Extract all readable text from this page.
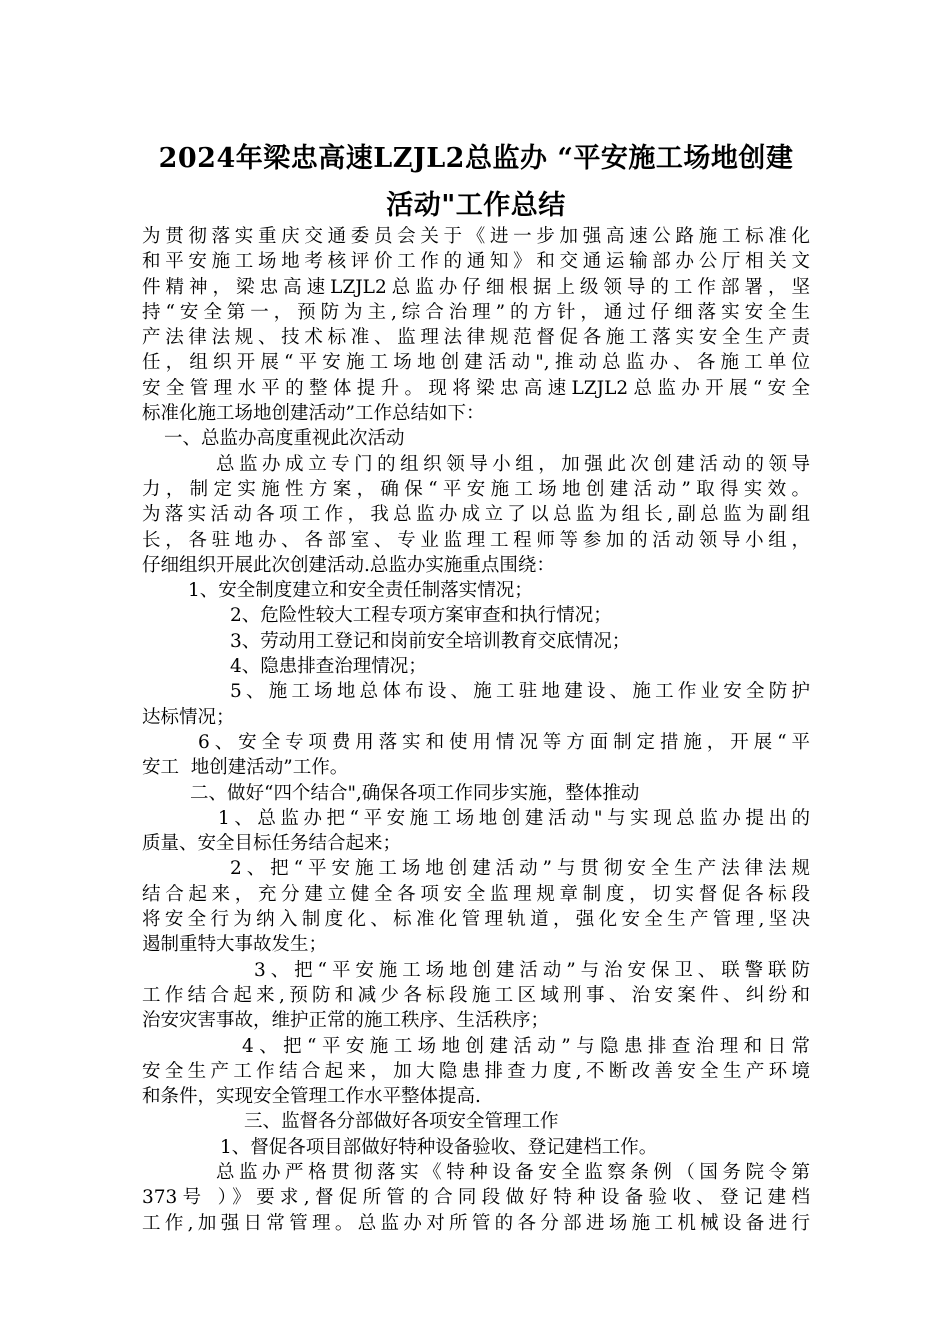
2024年梁忠高速LZJL2总监办 “平安施工场地创建
活动"工作总结
为贯彻落实重庆交通委员会关于《进一步加强高速公路施工标准化
和平安施工场地考核评价工作的通知》和交通运输部办公厅相关文
件精神，梁忠高速LZJL2总监办仔细根据上级领导的工作部署，坚
持“安全第一，预防为主,综合治理”的方针，通过仔细落实安全生
产法律法规、技术标准、监理法律规范督促各施工落实安全生产责
任，组织开展“平安施工场地创建活动",推动总监办、各施工单位
安全管理水平的整体提升。现将梁忠高速LZJL2总监办开展“安全
标准化施工场地创建活动”工作总结如下：
一、总监办高度重视此次活动
总监办成立专门的组织领导小组，加强此次创建活动的领导
力，制定实施性方案，确保“平安施工场地创建活动”取得实效。
为落实活动各项工作，我总监办成立了以总监为组长,副总监为副组
长，各驻地办、各部室、专业监理工程师等参加的活动领导小组，
仔细组织开展此次创建活动.总监办实施重点围绕：
1、安全制度建立和安全责任制落实情况；
2、危险性较大工程专项方案审查和执行情况；
3、劳动用工登记和岗前安全培训教育交底情况；
4、隐患排查治理情况；
5、施工场地总体布设、施工驻地建设、施工作业安全防护
达标情况；
6、安全专项费用落实和使用情况等方面制定措施，开展“平
安工  地创建活动”工作。
二、做好“四个结合",确保各项工作同步实施，整体推动
1、总监办把“平安施工场地创建活动"与实现总监办提出的
质量、安全目标任务结合起来；
2、把“平安施工场地创建活动”与贯彻安全生产法律法规
结合起来，充分建立健全各项安全监理规章制度，切实督促各标段
将安全行为纳入制度化、标准化管理轨道，强化安全生产管理,坚决
遏制重特大事故发生；
3、把“平安施工场地创建活动”与治安保卫、联警联防
工作结合起来,预防和减少各标段施工区域刑事、治安案件、纠纷和
治安灾害事故，维护正常的施工秩序、生活秩序；
4、把“平安施工场地创建活动”与隐患排查治理和日常
安全生产工作结合起来，加大隐患排查力度,不断改善安全生产环境
和条件，实现安全管理工作水平整体提高.
三、监督各分部做好各项安全管理工作
1、督促各项目部做好特种设备验收、登记建档工作。
总监办严格贯彻落实《特种设备安全监察条例（国务院令第
373号 ）》要求,督促所管的合同段做好特种设备验收、登记建档
工作,加强日常管理。总监办对所管的各分部进场施工机械设备进行
